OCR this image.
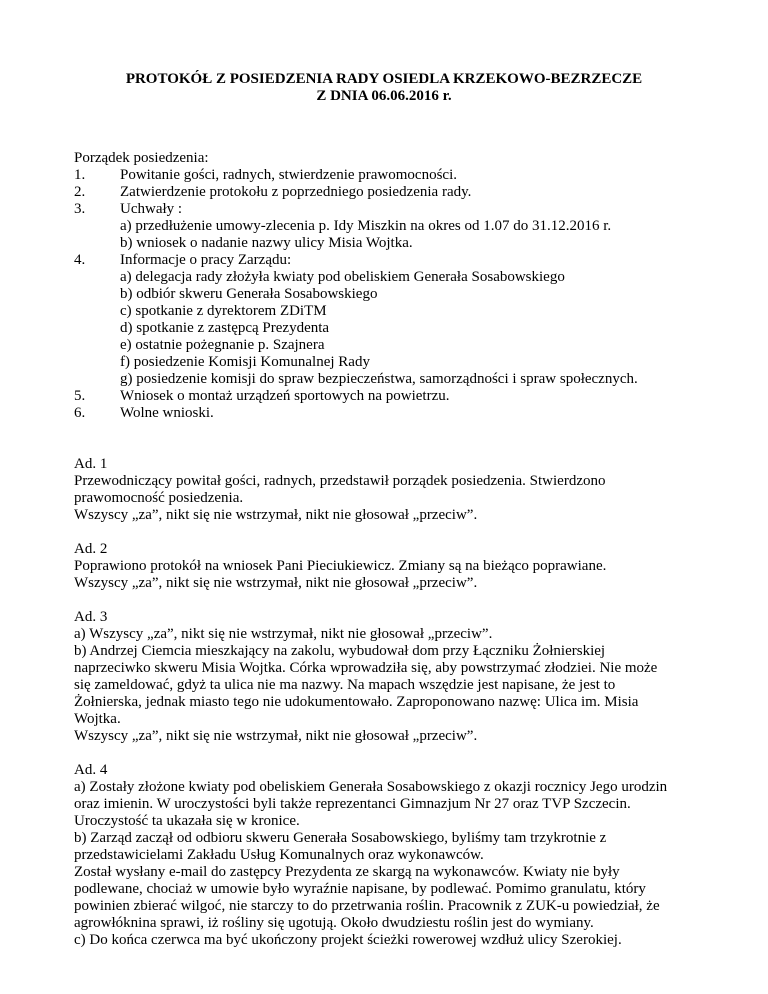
PROTOKÓŁ Z POSIEDZENIA RADY OSIEDLA KRZEKOWO-BEZRZECZE
Z DNIA 06.06.2016 r.
Porządek posiedzenia:
1.	Powitanie gości, radnych, stwierdzenie prawomocności.
2.	Zatwierdzenie protokołu z poprzedniego posiedzenia rady.
3.	Uchwały :
a) przedłużenie umowy-zlecenia p. Idy Miszkin na okres od 1.07 do 31.12.2016 r.
b) wniosek o nadanie nazwy ulicy Misia Wojtka.
4.	Informacje o pracy Zarządu:
a) delegacja rady złożyła kwiaty pod obeliskiem Generała Sosabowskiego
b) odbiór skweru Generała Sosabowskiego
c) spotkanie z dyrektorem ZDiTM
d) spotkanie z zastępcą Prezydenta
e) ostatnie pożegnanie p. Szajnera
f) posiedzenie Komisji Komunalnej Rady
g) posiedzenie komisji do spraw bezpieczeństwa, samorządności i spraw społecznych.
5.	Wniosek o montaż urządzeń sportowych na powietrzu.
6.	Wolne wnioski.
Ad. 1
Przewodniczący powitał gości, radnych, przedstawił porządek posiedzenia. Stwierdzono
prawomocność posiedzenia.
Wszyscy „za”, nikt się nie wstrzymał, nikt nie głosował „przeciw”.
Ad. 2
Poprawiono protokół na wniosek Pani Pieciukiewicz. Zmiany są na bieżąco poprawiane.
Wszyscy „za”, nikt się nie wstrzymał, nikt nie głosował „przeciw”.
Ad. 3
a) Wszyscy „za”, nikt się nie wstrzymał, nikt nie głosował „przeciw”.
b) Andrzej Ciemcia mieszkający na zakolu, wybudował dom przy Łączniku Żołnierskiej
naprzeciwko skweru Misia Wojtka. Córka wprowadziła się, aby powstrzymać złodziei. Nie może
się zameldować, gdyż ta ulica nie ma nazwy. Na mapach wszędzie jest napisane, że jest to
Żołnierska, jednak miasto tego nie udokumentowało. Zaproponowano nazwę: Ulica im. Misia
Wojtka.
Wszyscy „za”, nikt się nie wstrzymał, nikt nie głosował „przeciw”.
Ad. 4
a) Zostały złożone kwiaty pod obeliskiem Generała Sosabowskiego z okazji rocznicy Jego urodzin
oraz imienin. W uroczystości byli także reprezentanci Gimnazjum Nr 27 oraz TVP Szczecin.
Uroczystość ta ukazała się w kronice.
b) Zarząd zaczął od odbioru skweru Generała Sosabowskiego, byliśmy tam trzykrotnie z
przedstawicielami Zakładu Usług Komunalnych oraz wykonawców.
Został wysłany e-mail do zastępcy Prezydenta ze skargą na wykonawców. Kwiaty nie były
podlewane, chociaż w umowie było wyraźnie napisane, by podlewać. Pomimo granulatu, który
powinien zbierać wilgoć, nie starczy to do przetrwania roślin. Pracownik z ZUK-u powiedział, że
agrowłóknina sprawi, iż rośliny się ugotują. Około dwudziestu roślin jest do wymiany.
c) Do końca czerwca ma być ukończony projekt ścieżki rowerowej wzdłuż ulicy Szerokiej.
